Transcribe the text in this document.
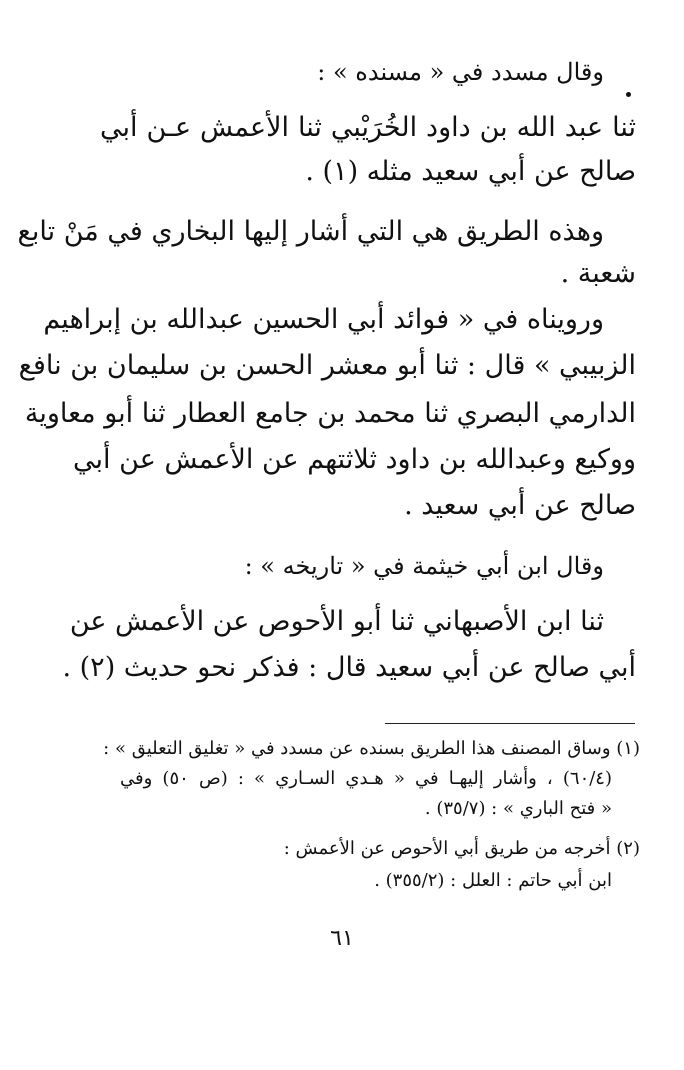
وقال مسدد في « مسنده » :
ثنا عبد الله بن داود الخُرَيْبي ثنا الأعمش عـن أبي
صالح عن أبي سعيد مثله (١) .
وهذه الطريق هي التي أشار إليها البخاري في مَنْ تابع
شعبة .
ورويناه في « فوائد أبي الحسين عبدالله بن إبراهيم
الزبيبي » قال : ثنا أبو معشر الحسن بن سليمان بن نافع
الدارمي البصري ثنا محمد بن جامع العطار ثنا أبو معاوية
ووكيع وعبدالله بن داود ثلاثتهم عن الأعمش عن أبي
صالح عن أبي سعيد .
وقال ابن أبي خيثمة في « تاريخه » :
ثنا ابن الأصبهاني ثنا أبو الأحوص عن الأعمش عن
أبي صالح عن أبي سعيد قال : فذكر نحو حديث (٢) .
(١) وساق المصنف هذا الطريق بسنده عن مسدد في « تغليق التعليق » :
(٦٠/٤) ، وأشار إليهـا في « هـدي السـاري » : (ص ٥٠) وفي
« فتح الباري » : (٣٥/٧) .
(٢) أخرجه من طريق أبي الأحوص عن الأعمش :
ابن أبي حاتم : العلل : (٣٥٥/٢) .
٦١
